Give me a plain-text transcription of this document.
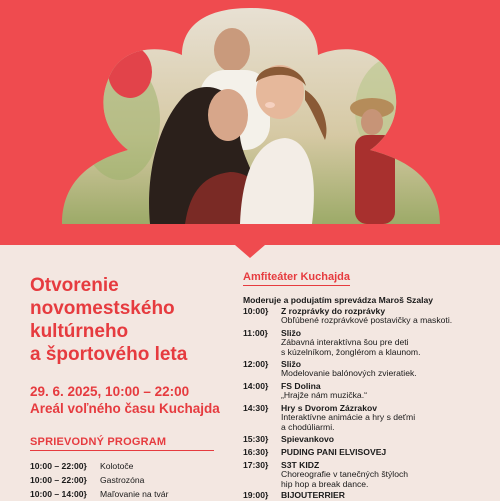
Otvorenie
novomestského
kultúrneho
a športového leta
29. 6. 2025, 10:00 – 22:00
Areál voľného času Kuchajda
SPRIEVODNÝ PROGRAM
10:00 – 22:00}	Kolotoče
10:00 – 22:00}	Gastrozóna
10:00 – 14:00}	Maľovanie na tvár
Amfiteáter Kuchajda
Moderuje a podujatím sprevádza Maroš Szalay
10:00}	Z rozprávky do rozprávky
Obľúbené rozprávkové postavičky a maskoti.
11:00}	Sližo
Zábavná interaktívna šou pre deti
s kúzelníkom, žonglérom a klaunom.
12:00}	Sližo
Modelovanie balónových zvieratiek.
14:00}	FS Dolina
„Hrajže nám muzička.“
14:30}	Hry s Dvorom Zázrakov
Interaktívne animácie a hry s deťmi
a chodúliarmi.
15:30}	Spievankovo
16:30}	PUDING PANI ELVISOVEJ
17:30}	S3T KIDZ
Choreografie v tanečných štýloch
hip hop a break dance.
19:00}	BIJOUTERRIER
